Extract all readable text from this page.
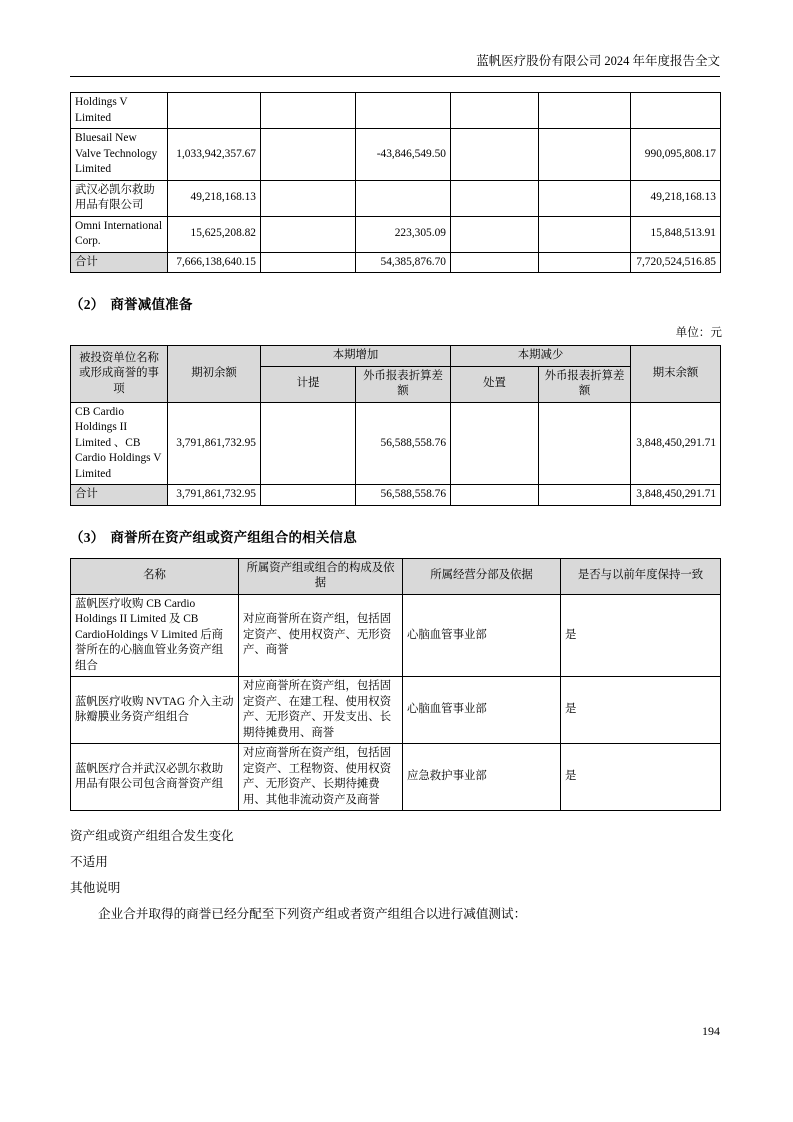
蓝帆医疗股份有限公司 2024 年年度报告全文
Holdings V Limited						
Bluesail New Valve Technology Limited	1,033,942,357.67		-43,846,549.50			990,095,808.17
武汉必凯尔救助用品有限公司	49,218,168.13					49,218,168.13
Omni International Corp.	15,625,208.82		223,305.09			15,848,513.91
合计	7,666,138,640.15		54,385,876.70			7,720,524,516.85
（2） 商誉减值准备
单位：元
被投资单位名称或形成商誉的事项	期初余额	本期增加		本期减少		期末余额
		计提	外币报表折算差额	处置	外币报表折算差额	
CB Cardio Holdings II Limited 、CB Cardio Holdings V Limited	3,791,861,732.95		56,588,558.76			3,848,450,291.71
合计	3,791,861,732.95		56,588,558.76			3,848,450,291.71
（3） 商誉所在资产组或资产组组合的相关信息
名称	所属资产组或组合的构成及依据	所属经营分部及依据	是否与以前年度保持一致
蓝帆医疗收购 CB Cardio Holdings II Limited 及 CB CardioHoldings V Limited 后商誉所在的心脑血管业务资产组组合	对应商誉所在资产组，包括固定资产、使用权资产、无形资产、商誉	心脑血管事业部	是
蓝帆医疗收购 NVTAG 介入主动脉瓣膜业务资产组组合	对应商誉所在资产组，包括固定资产、在建工程、使用权资产、无形资产、开发支出、长期待摊费用、商誉	心脑血管事业部	是
蓝帆医疗合并武汉必凯尔救助用品有限公司包含商誉资产组	对应商誉所在资产组，包括固定资产、工程物资、使用权资产、无形资产、长期待摊费用、其他非流动资产及商誉	应急救护事业部	是

资产组或资产组组合发生变化

不适用

其他说明

企业合并取得的商誉已经分配至下列资产组或者资产组组合以进行减值测试：

194
